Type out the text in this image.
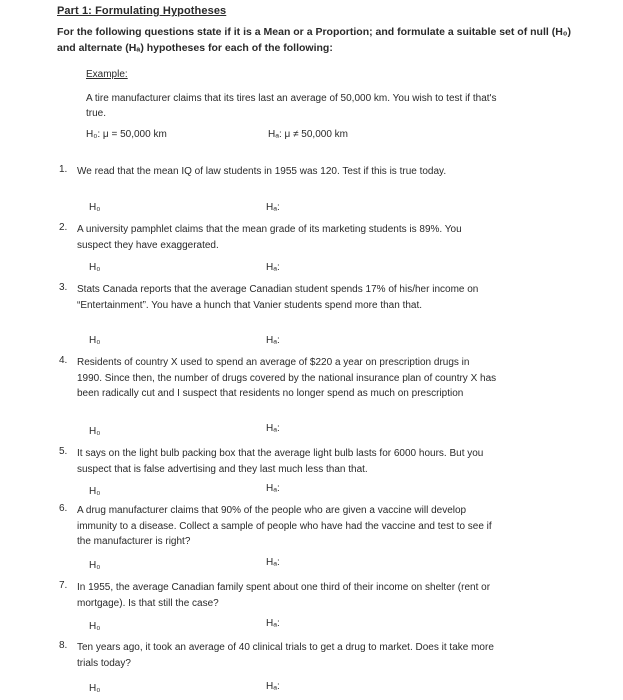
Part 1: Formulating Hypotheses
For the following questions state if it is a Mean or a Proportion; and formulate a suitable set of null (H₀) and alternate (Hₐ) hypotheses for each of the following:
Example:
A tire manufacturer claims that its tires last an average of 50,000 km. You wish to test if that's true.
H₀: μ = 50,000 km	Hₐ: μ ≠ 50,000 km
1. We read that the mean IQ of law students in 1955 was 120. Test if this is true today.
H₀	Hₐ:
2. A university pamphlet claims that the mean grade of its marketing students is 89%. You suspect they have exaggerated.
H₀	Hₐ:
3. Stats Canada reports that the average Canadian student spends 17% of his/her income on “Entertainment”. You have a hunch that Vanier students spend more than that.
H₀	Hₐ:
4. Residents of country X used to spend an average of $220 a year on prescription drugs in 1990. Since then, the number of drugs covered by the national insurance plan of country X has been radically cut and I suspect that residents no longer spend as much on prescription
H₀	Hₐ:
5. It says on the light bulb packing box that the average light bulb lasts for 6000 hours. But you suspect that is false advertising and they last much less than that.
H₀	Hₐ:
6. A drug manufacturer claims that 90% of the people who are given a vaccine will develop immunity to a disease. Collect a sample of people who have had the vaccine and test to see if the manufacturer is right?
H₀	Hₐ:
7. In 1955, the average Canadian family spent about one third of their income on shelter (rent or mortgage). Is that still the case?
H₀	Hₐ:
8. Ten years ago, it took an average of 40 clinical trials to get a drug to market. Does it take more trials today?
H₀	Hₐ:
